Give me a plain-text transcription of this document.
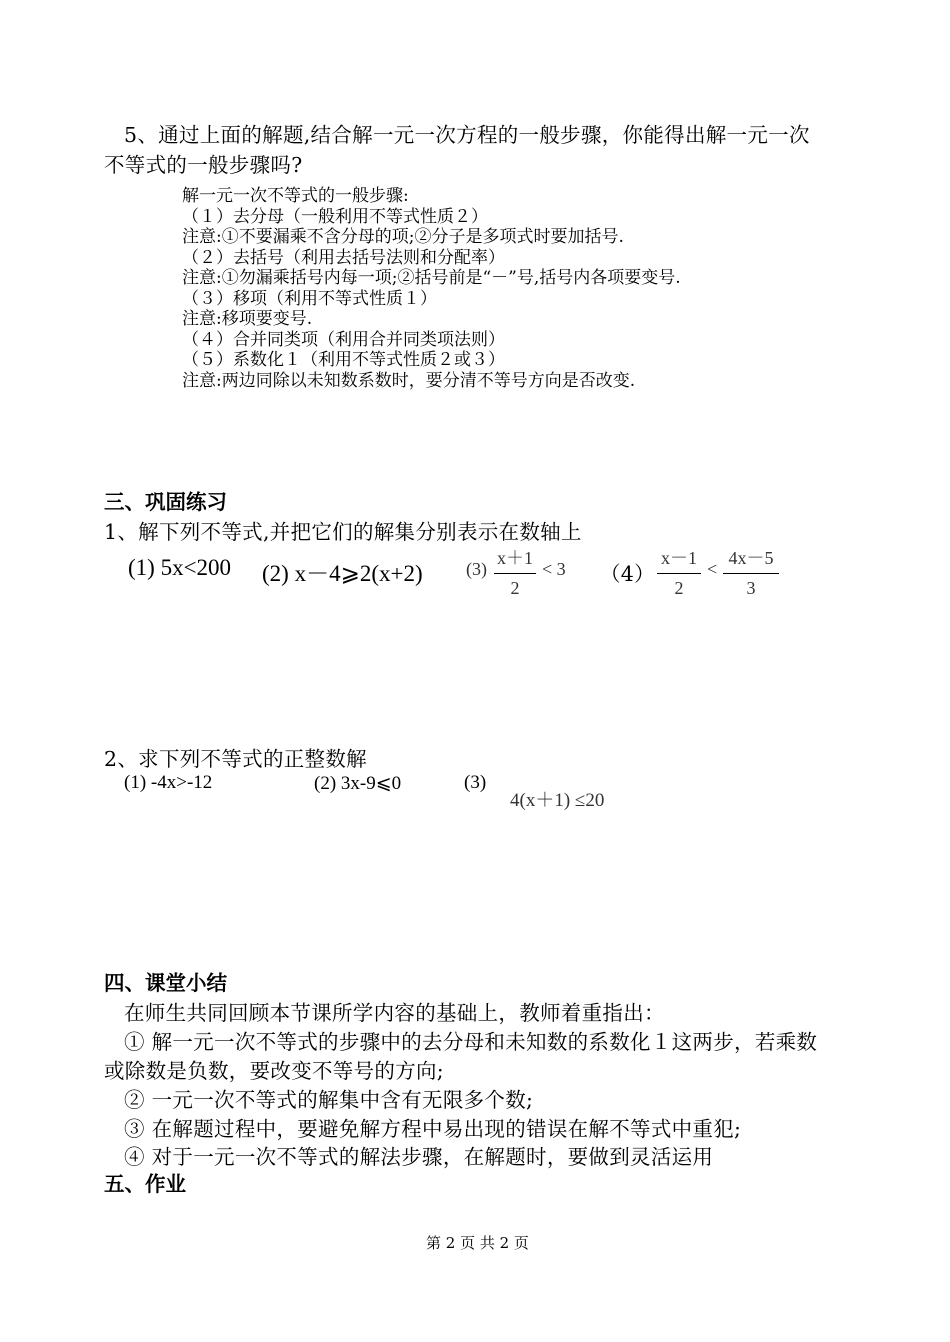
5、通过上面的解题,结合解一元一次方程的一般步骤，你能得出解一元一次
不等式的一般步骤吗?
解一元一次不等式的一般步骤:
（１）去分母（一般利用不等式性质２）
注意:①不要漏乘不含分母的项;②分子是多项式时要加括号.
（２）去括号（利用去括号法则和分配率）
注意:①勿漏乘括号内每一项;②括号前是“－”号,括号内各项要变号.
（３）移项（利用不等式性质１）
注意:移项要变号.
（４）合并同类项（利用合并同类项法则）
（５）系数化１（利用不等式性质２或３）
注意:两边同除以未知数系数时，要分清不等号方向是否改变.
三、巩固练习
1、解下列不等式,并把它们的解集分别表示在数轴上
(1) 5x<200 (2) x－4⩾2(x+2) $(3) \frac{x+1}{2} < 3$ $(4) \frac{x-1}{2} < \frac{4x-5}{3}$
2、求下列不等式的正整数解
(1) -4x>-12	(2) 3x-9⩽0	(3)
4(x＋1) ≤20
四、课堂小结
在师生共同回顾本节课所学内容的基础上，教师着重指出：
① 解一元一次不等式的步骤中的去分母和未知数的系数化１这两步，若乘数
或除数是负数，要改变不等号的方向;
② 一元一次不等式的解集中含有无限多个数;
③ 在解题过程中，要避免解方程中易出现的错误在解不等式中重犯;
④ 对于一元一次不等式的解法步骤，在解题时，要做到灵活运用
五、作业
第 2 页 共 2 页
